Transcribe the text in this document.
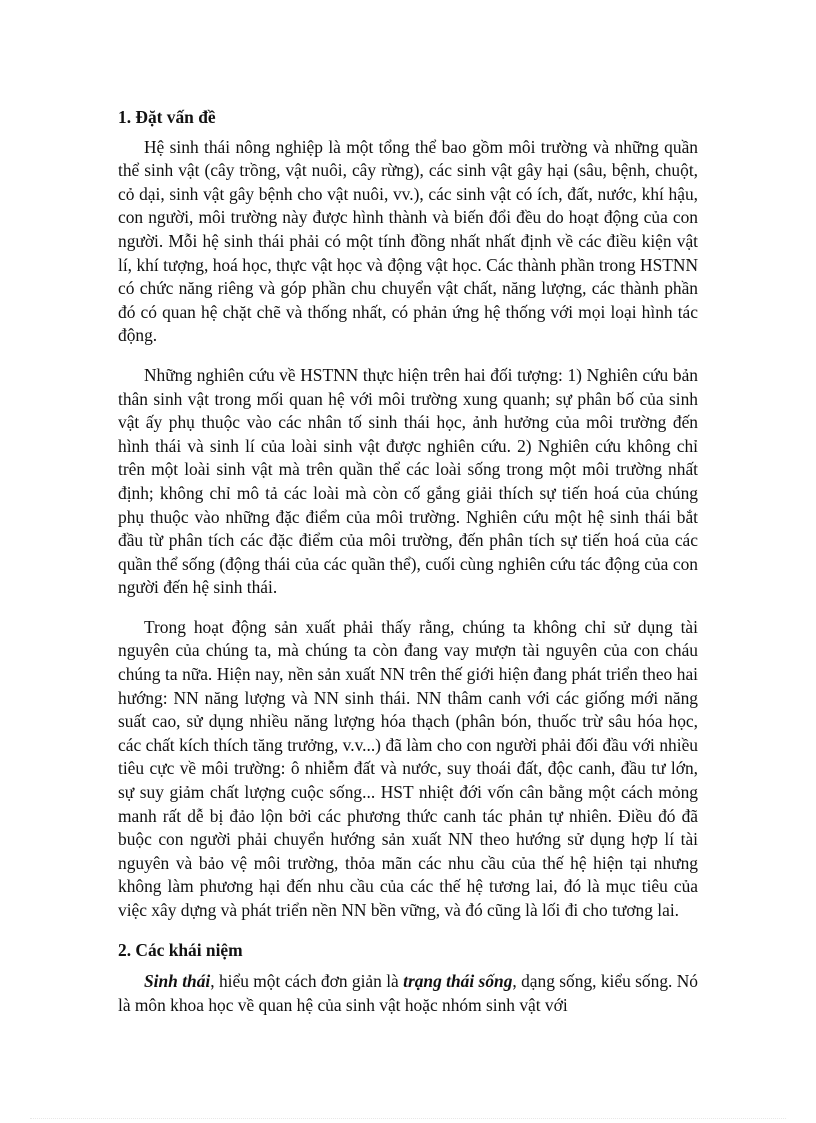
1. Đặt vấn đề

Hệ sinh thái nông nghiệp là một tổng thể bao gồm môi trường và những quần thể sinh vật (cây trồng, vật nuôi, cây rừng), các sinh vật gây hại (sâu, bệnh, chuột, cỏ dại, sinh vật gây bệnh cho vật nuôi, vv.), các sinh vật có ích, đất, nước, khí hậu, con người, môi trường này được hình thành và biến đổi đều do hoạt động của con người. Mỗi hệ sinh thái phải có một tính đồng nhất nhất định về các điều kiện vật lí, khí tượng, hoá học, thực vật học và động vật học. Các thành phần trong HSTNN có chức năng riêng và góp phần chu chuyển vật chất, năng lượng, các thành phần đó có quan hệ chặt chẽ và thống nhất, có phản ứng hệ thống với mọi loại hình tác động.

Những nghiên cứu về HSTNN thực hiện trên hai đối tượng: 1) Nghiên cứu bản thân sinh vật trong mối quan hệ với môi trường xung quanh; sự phân bố của sinh vật ấy phụ thuộc vào các nhân tố sinh thái học, ảnh hưởng của môi trường đến hình thái và sinh lí của loài sinh vật được nghiên cứu. 2) Nghiên cứu không chỉ trên một loài sinh vật mà trên quần thể các loài sống trong một môi trường nhất định; không chỉ mô tả các loài mà còn cố gắng giải thích sự tiến hoá của chúng phụ thuộc vào những đặc điểm của môi trường. Nghiên cứu một hệ sinh thái bắt đầu từ phân tích các đặc điểm của môi trường, đến phân tích sự tiến hoá của các quần thể sống (động thái của các quần thể), cuối cùng nghiên cứu tác động của con người đến hệ sinh thái.

Trong hoạt động sản xuất phải thấy rằng, chúng ta không chỉ sử dụng tài nguyên của chúng ta, mà chúng ta còn đang vay mượn tài nguyên của con cháu chúng ta nữa. Hiện nay, nền sản xuất NN trên thế giới hiện đang phát triển theo hai hướng: NN năng lượng và NN sinh thái. NN thâm canh với các giống mới năng suất cao, sử dụng nhiều năng lượng hóa thạch (phân bón, thuốc trừ sâu hóa học, các chất kích thích tăng trưởng, v.v...) đã làm cho con người phải đối đầu với nhiều tiêu cực về môi trường: ô nhiễm đất và nước, suy thoái đất, độc canh, đầu tư lớn, sự suy giảm chất lượng cuộc sống... HST nhiệt đới vốn cân bằng một cách mỏng manh rất dễ bị đảo lộn bởi các phương thức canh tác phản tự nhiên. Điều đó đã buộc con người phải chuyển hướng sản xuất NN theo hướng sử dụng hợp lí tài nguyên và bảo vệ môi trường, thỏa mãn các nhu cầu của thế hệ hiện tại nhưng không làm phương hại đến nhu cầu của các thế hệ tương lai, đó là mục tiêu của việc xây dựng và phát triển nền NN bền vững, và đó cũng là lối đi cho tương lai.

2. Các khái niệm

Sinh thái, hiểu một cách đơn giản là trạng thái sống, dạng sống, kiểu sống. Nó là môn khoa học về quan hệ của sinh vật hoặc nhóm sinh vật với
